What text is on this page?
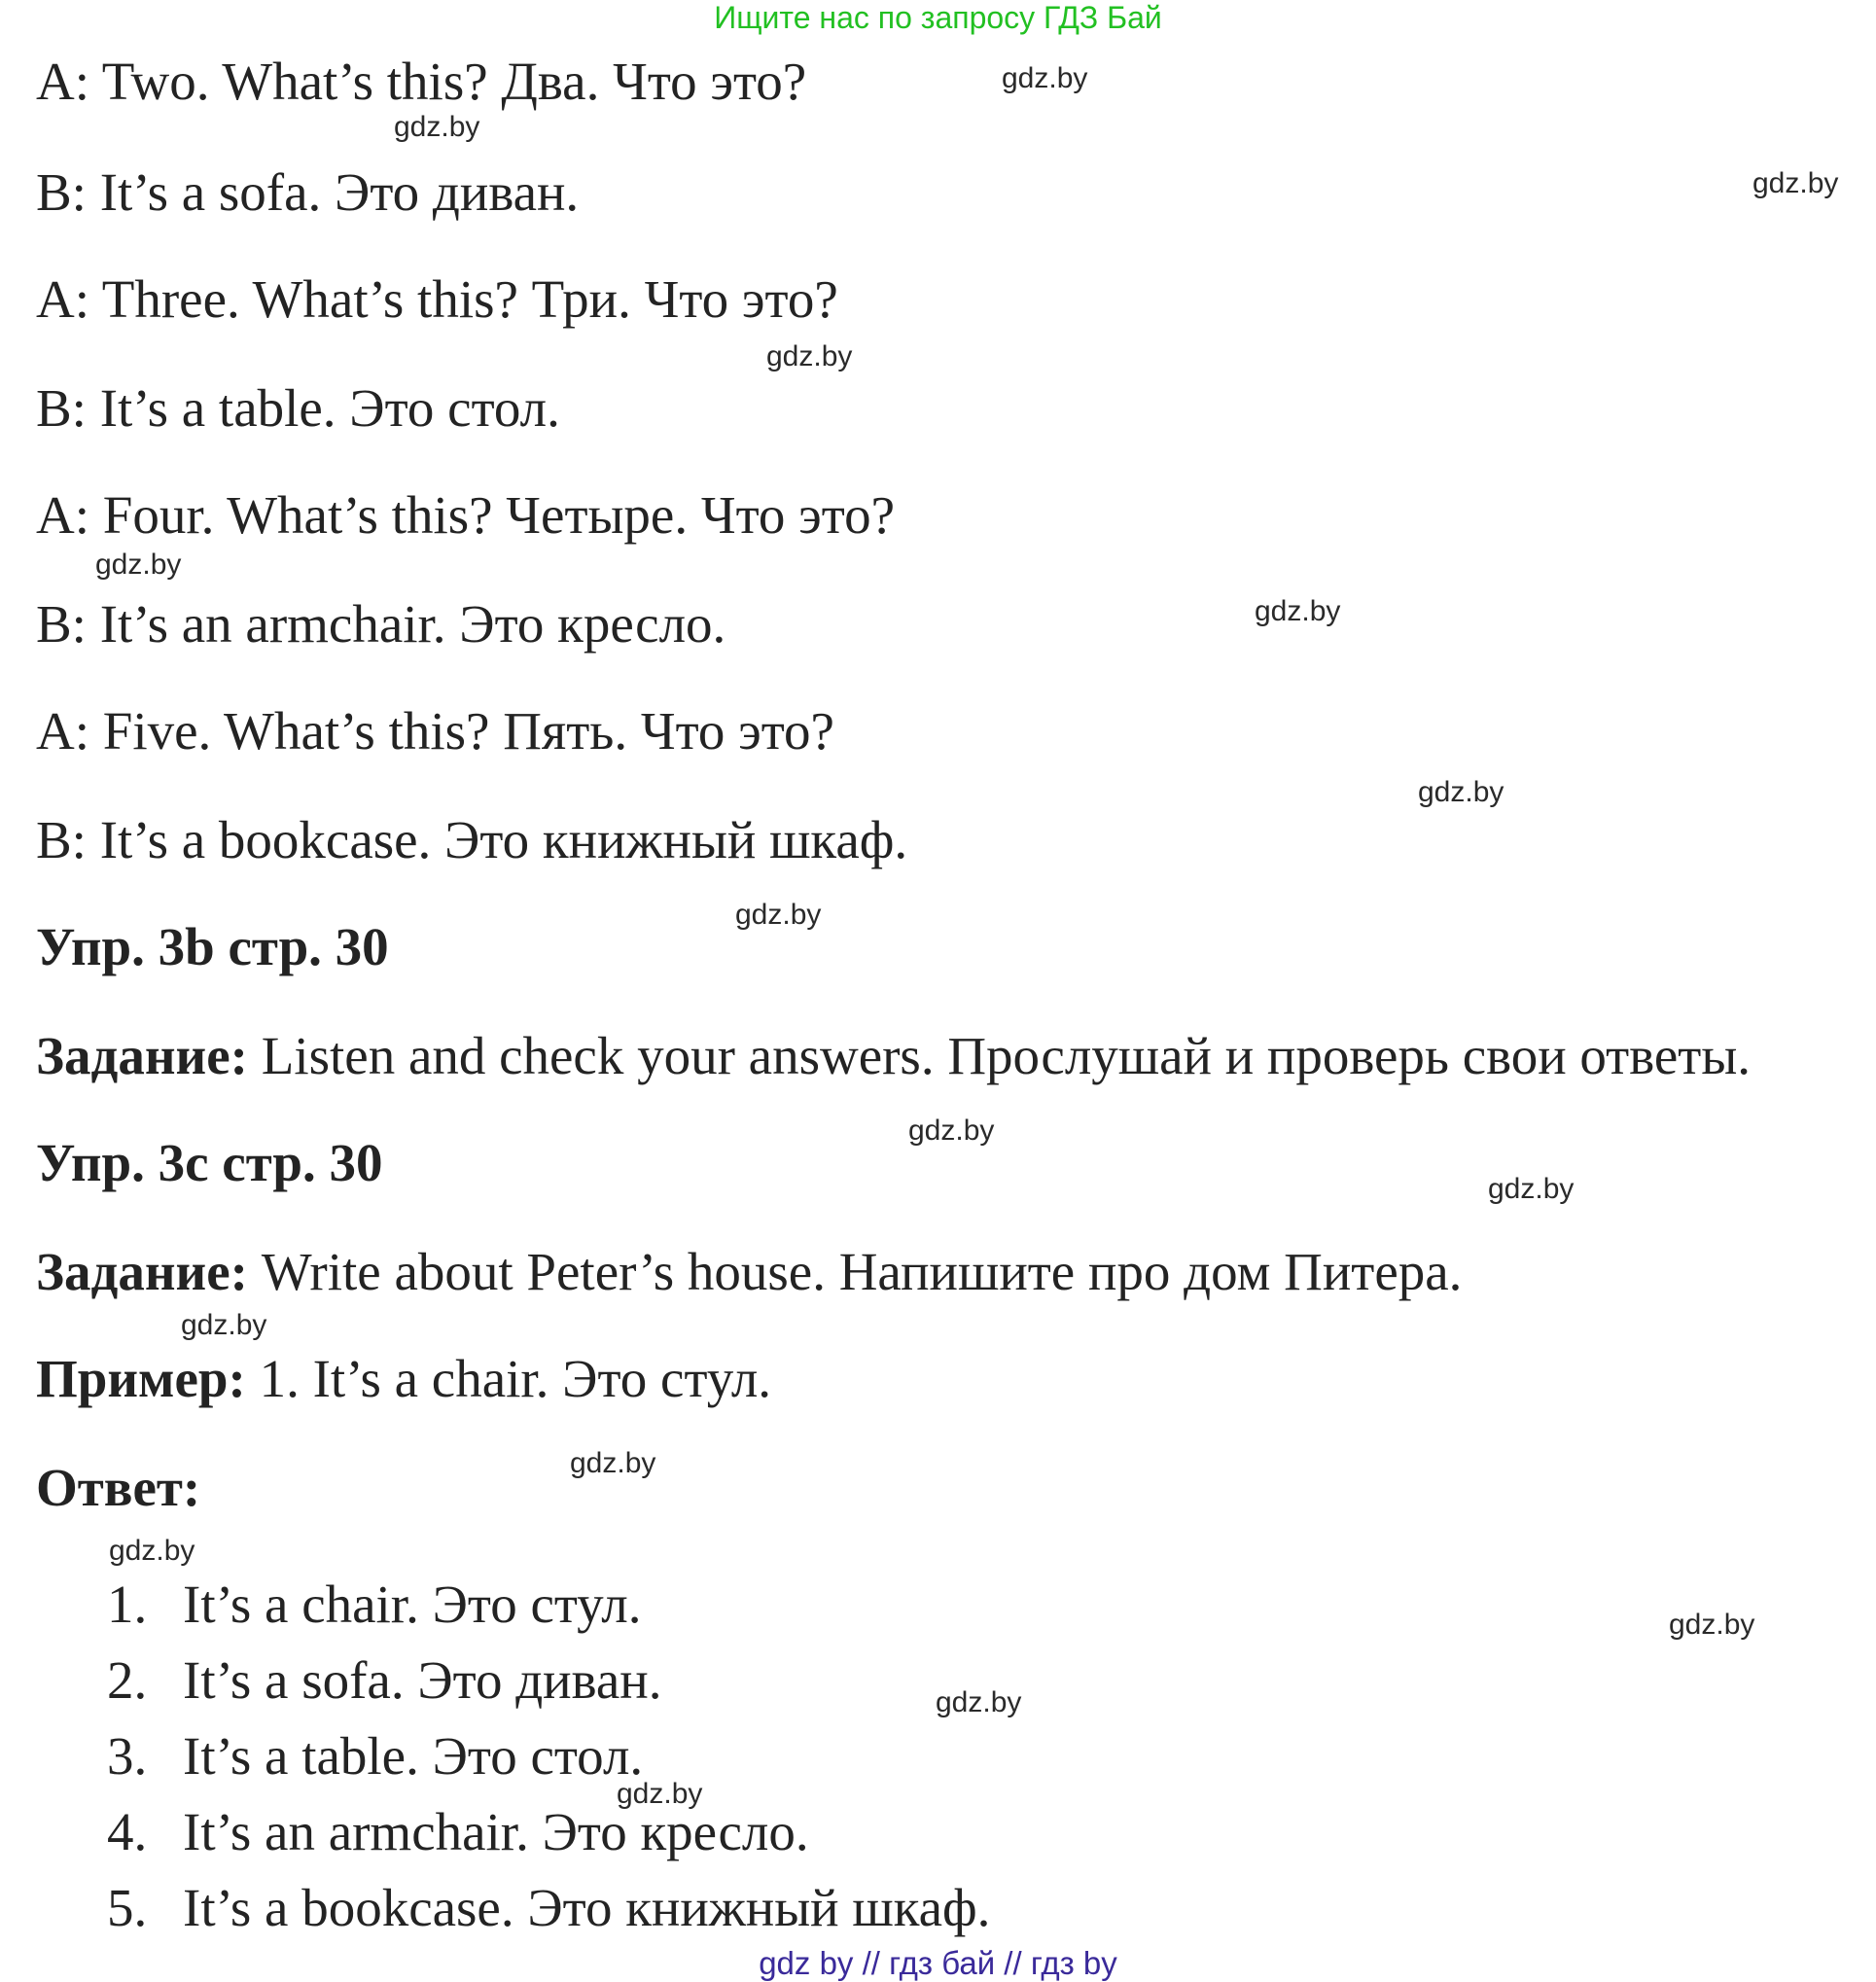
Ищите нас по запросу ГДЗ Бай
A: Two. What’s this? Два. Что это?
B: It’s a sofa. Это диван.
A: Three. What’s this? Три. Что это?
B: It’s a table. Это стол.
A: Four. What’s this? Четыре. Что это?
B: It’s an armchair. Это кресло.
A: Five. What’s this? Пять. Что это?
B: It’s a bookcase. Это книжный шкаф.
Упр. 3b стр. 30
Задание: Listen and check your answers. Прослушай и проверь свои ответы.
Упр. 3c стр. 30
Задание: Write about Peter’s house. Напишите про дом Питера.
Пример: 1. It’s a chair. Это стул.
Ответ:
1. It’s a chair. Это стул.
2. It’s a sofa. Это диван.
3. It’s a table. Это стол.
4. It’s an armchair. Это кресло.
5. It’s a bookcase. Это книжный шкаф.
gdz.by
gdz.by
gdz.by
gdz.by
gdz.by
gdz.by
gdz.by
gdz.by
gdz.by
gdz.by
gdz.by
gdz.by
gdz.by
gdz.by
gdz.by
gdz.by
gdz by // гдз бай // гдз by
